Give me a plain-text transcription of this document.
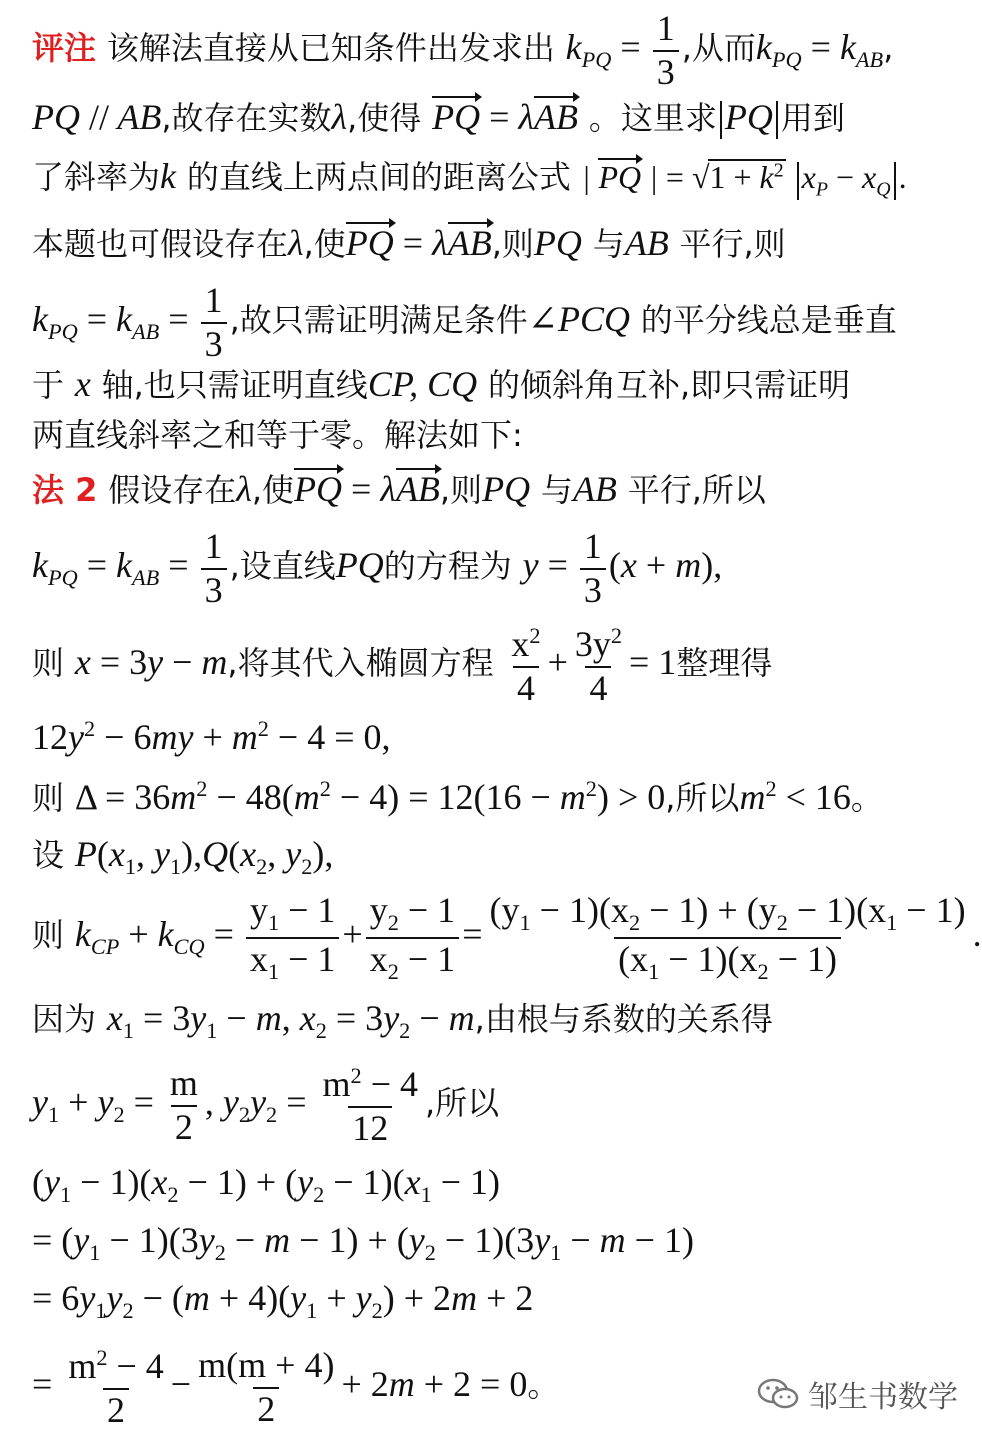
评注 该解法直接从已知条件出发求出 $k_{PQ} = \frac{1}{3}$ ,从而$k_{PQ} = k_{AB}$,
PQ // AB,故存在实数λ,使得 PQ = λAB 。这里求 PQ 用到
了斜率为k 的直线上两点间的距离公式 | PQ | = $√1 + k^2$ $x_P - x_Q$ .
本题也可假设存在λ,使PQ = λAB,则PQ 与AB 平行,则
$k_{PQ} = k_{AB} = \frac{1}{3}$ ,故只需证明满足条件∠PCQ 的平分线总是垂直
于 x 轴,也只需证明直线CP, CQ 的倾斜角互补,即只需证明
两直线斜率之和等于零。解法如下:
法 2 假设存在λ,使PQ = λAB,则PQ 与AB 平行,所以
$k_{PQ} = k_{AB} = \frac{1}{3}$ ,设直线PQ的方程为 $y = \frac{1}{3} (x + m)$,
则 x = 3y − m,将其代入椭圆方程 $\frac{x^2}{4} + \frac{3y^2}{4} = 1$整理得
$12y^2 - 6my + m^2 - 4 = 0$,
则 $\Delta = 36m^2 - 48(m^2 - 4) = 12(16 - m^2) > 0$,所以$m^2 < 16$。
设 $P(x_1$, $y_1),Q(x_2$, $y_2$),
则 $k_{CP} + k_{CQ} = \frac{y_1 - 1}{x_1 - 1} + \frac{y_2 - 1}{x_2 - 1} = \frac{(y_1 - 1)(x_2 - 1) + (y_2 - 1)(x_1 - 1)}{(x_1 - 1)(x_2 - 1)}$ .
因为 $x_1 = 3y_1 - m$, $x_2 = 3y_2 - m$,由根与系数的关系得
$y_1 + y_2 = \frac{m}{2}$ , $y_2y_2 = \frac{m^2 - 4}{12}$ ,所以
$(y_1 - 1)(x_2 - 1) + (y_2 - 1)(x_1 - 1)$
= $(y_1 - 1)(3y_2 - m - 1) + (y_2 - 1)(3y_1 - m - 1)$
= $6y_1y_2 - (m + 4)(y_1 + y_2) + 2m + 2$
= $\frac{m^2 - 4}{2} - \frac{m(m + 4)}{2} + 2m + 2 = 0$。	邹生书数学
